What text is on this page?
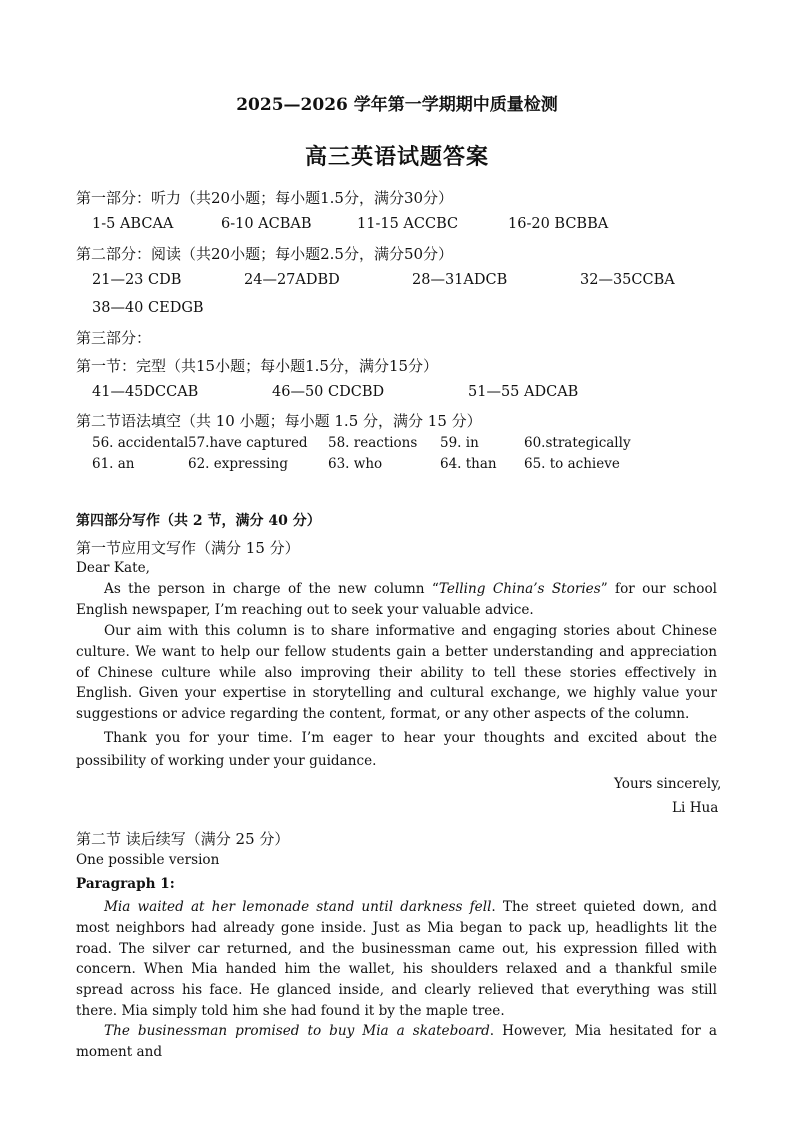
2025—2026 学年第一学期期中质量检测
高三英语试题答案
第一部分：听力（共20小题；每小题1.5分，满分30分）
1-5 ABCAA	6-10 ACBAB	11-15 ACCBC	16-20 BCBBA
第二部分：阅读（共20小题；每小题2.5分，满分50分）
21—23 CDB	24—27ADBD	28—31ADCB	32—35CCBA
38—40 CEDGB
第三部分：
第一节：完型（共15小题；每小题1.5分，满分15分）
41—45DCCAB	46—50 CDCBD	51—55 ADCAB
第二节语法填空（共 10 小题；每小题 1.5 分，满分 15 分）
56. accidental 57.have captured 58. reactions 59. in	60.strategically
61. an	62. expressing	63. who	64. than 65. to achieve
第四部分写作（共 2 节，满分 40 分）
第一节应用文写作（满分 15 分）
Dear Kate,

As the person in charge of the new column “Telling China’s Stories” for our school English newspaper, I’m reaching out to seek your valuable advice.

Our aim with this column is to share informative and engaging stories about Chinese culture. We want to help our fellow students gain a better understanding and appreciation of Chinese culture while also improving their ability to tell these stories effectively in English. Given your expertise in storytelling and cultural exchange, we highly value your suggestions or advice regarding the content, format, or any other aspects of the column.

Thank you for your time. I’m eager to hear your thoughts and excited about the possibility of working under your guidance.

Yours sincerely,
Li Hua
第二节 读后续写（满分 25 分）
One possible version
Paragraph 1:

Mia waited at her lemonade stand until darkness fell. The street quieted down, and most neighbors had already gone inside. Just as Mia began to pack up, headlights lit the road. The silver car returned, and the businessman came out, his expression filled with concern. When Mia handed him the wallet, his shoulders relaxed and a thankful smile spread across his face. He glanced inside, and clearly relieved that everything was still there. Mia simply told him she had found it by the maple tree.

The businessman promised to buy Mia a skateboard. However, Mia hesitated for a moment and
